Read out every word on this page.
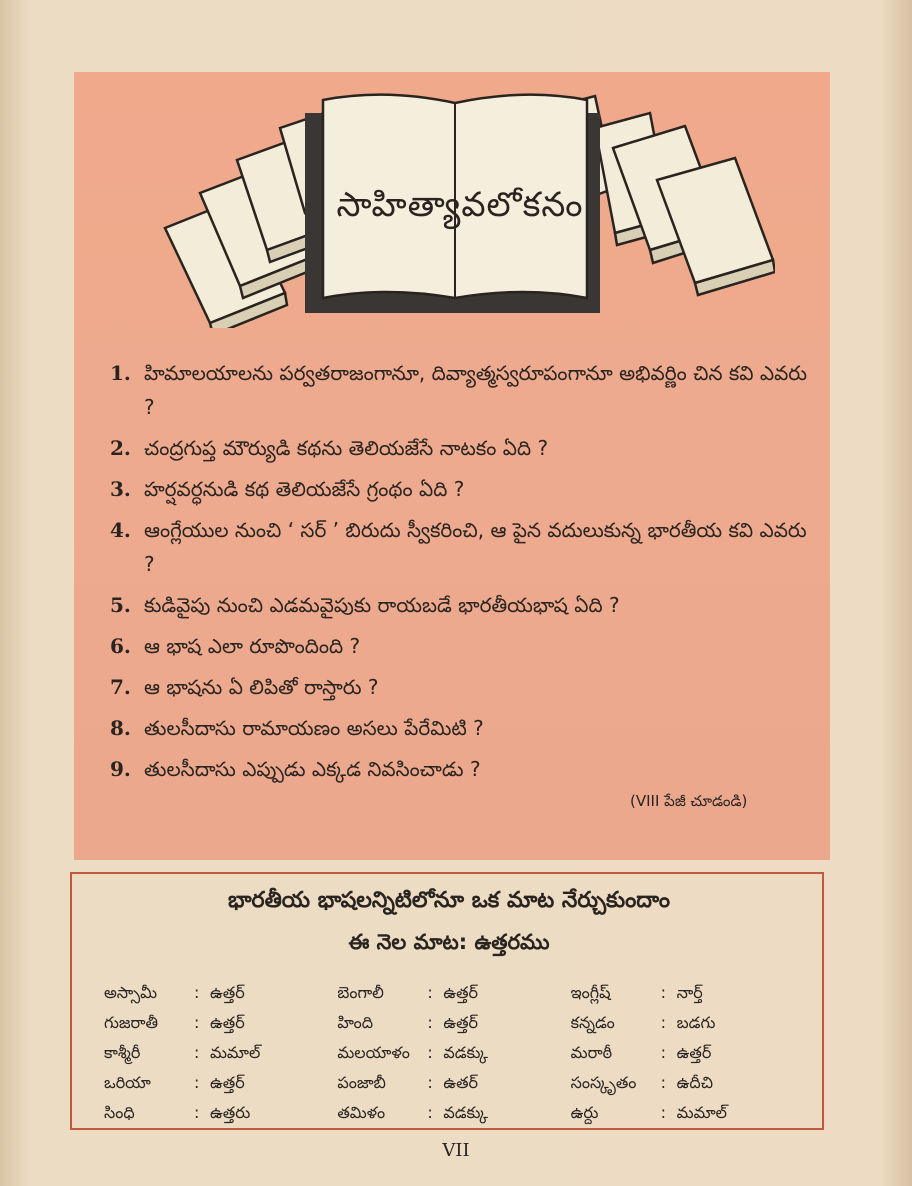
సాహిత్యావలోకనం
1. హిమాలయాలను పర్వతరాజంగానూ, దివ్యాత్మస్వరూపంగానూ అభివర్ణిం చిన కవి ఎవరు ?
2. చంద్రగుప్త మౌర్యుడి కథను తెలియజేసే నాటకం ఏది ?
3. హర్షవర్ధనుడి కథ తెలియజేసే గ్రంథం ఏది ?
4. ఆంగ్లేయుల నుంచి ‘ సర్ ’ బిరుదు స్వీకరించి, ఆ పైన వదులుకున్న భారతీయ కవి ఎవరు ?
5. కుడివైపు నుంచి ఎడమవైపుకు రాయబడే భారతీయభాష ఏది ?
6. ఆ భాష ఎలా రూపొందింది ?
7. ఆ భాషను ఏ లిపితో రాస్తారు ?
8. తులసీదాసు రామాయణం అసలు పేరేమిటి ?
9. తులసీదాసు ఎప్పుడు ఎక్కడ నివసించాడు ?
(VIII పేజీ చూడండి)
భారతీయ భాషలన్నిటిలోనూ ఒక మాట నేర్చుకుందాం
ఈ నెల మాట: ఉత్తరము
అస్సామీ	: ఉత్తర్	బెంగాలీ	: ఉత్తర్	ఇంగ్లీష్	: నార్త్
గుజరాతీ	: ఉత్తర్	హింది	: ఉత్తర్	కన్నడం	: బడగు
కాశ్మీరీ	: మమాల్	మలయాళం	: వడక్కు	మరాఠీ	: ఉత్తర్
ఒరియా	: ఉత్తర్	పంజాబీ	: ఉతర్	సంస్కృతం	: ఉదీచి
సింధి	: ఉత్తరు	తమిళం	: వడక్కు	ఉర్దు	: మమాల్
VII
